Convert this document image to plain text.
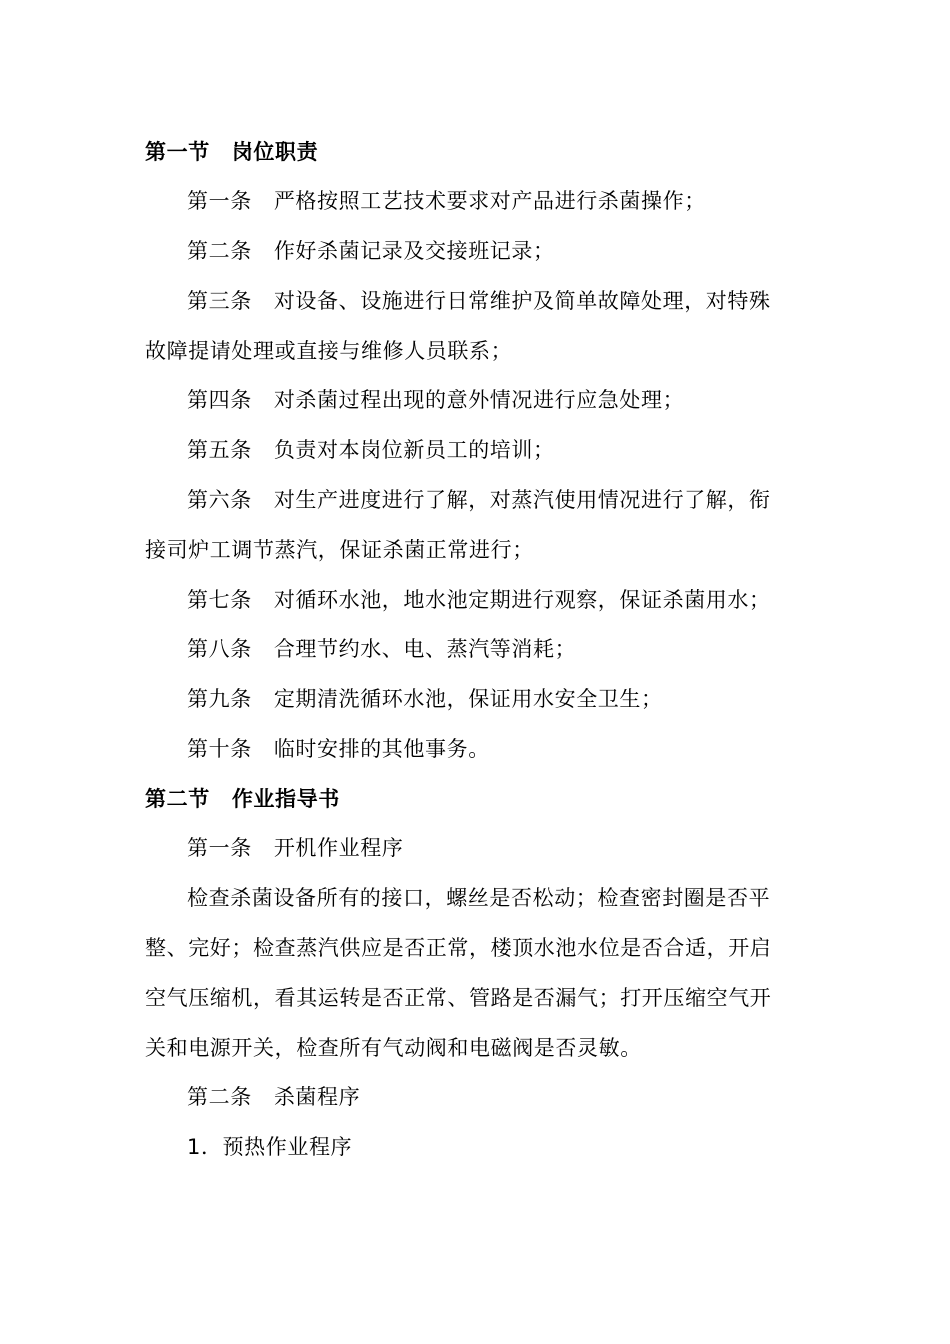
第一节 岗位职责
第一条 严格按照工艺技术要求对产品进行杀菌操作；
第二条 作好杀菌记录及交接班记录；
第三条 对设备、设施进行日常维护及简单故障处理，对特殊
故障提请处理或直接与维修人员联系；
第四条 对杀菌过程出现的意外情况进行应急处理；
第五条 负责对本岗位新员工的培训；
第六条 对生产进度进行了解，对蒸汽使用情况进行了解，衔
接司炉工调节蒸汽，保证杀菌正常进行；
第七条 对循环水池，地水池定期进行观察，保证杀菌用水；
第八条 合理节约水、电、蒸汽等消耗；
第九条 定期清洗循环水池，保证用水安全卫生；
第十条 临时安排的其他事务。
第二节 作业指导书
第一条 开机作业程序
检查杀菌设备所有的接口，螺丝是否松动；检查密封圈是否平
整、完好；检查蒸汽供应是否正常，楼顶水池水位是否合适，开启
空气压缩机，看其运转是否正常、管路是否漏气；打开压缩空气开
关和电源开关，检查所有气动阀和电磁阀是否灵敏。
第二条 杀菌程序
1．预热作业程序
